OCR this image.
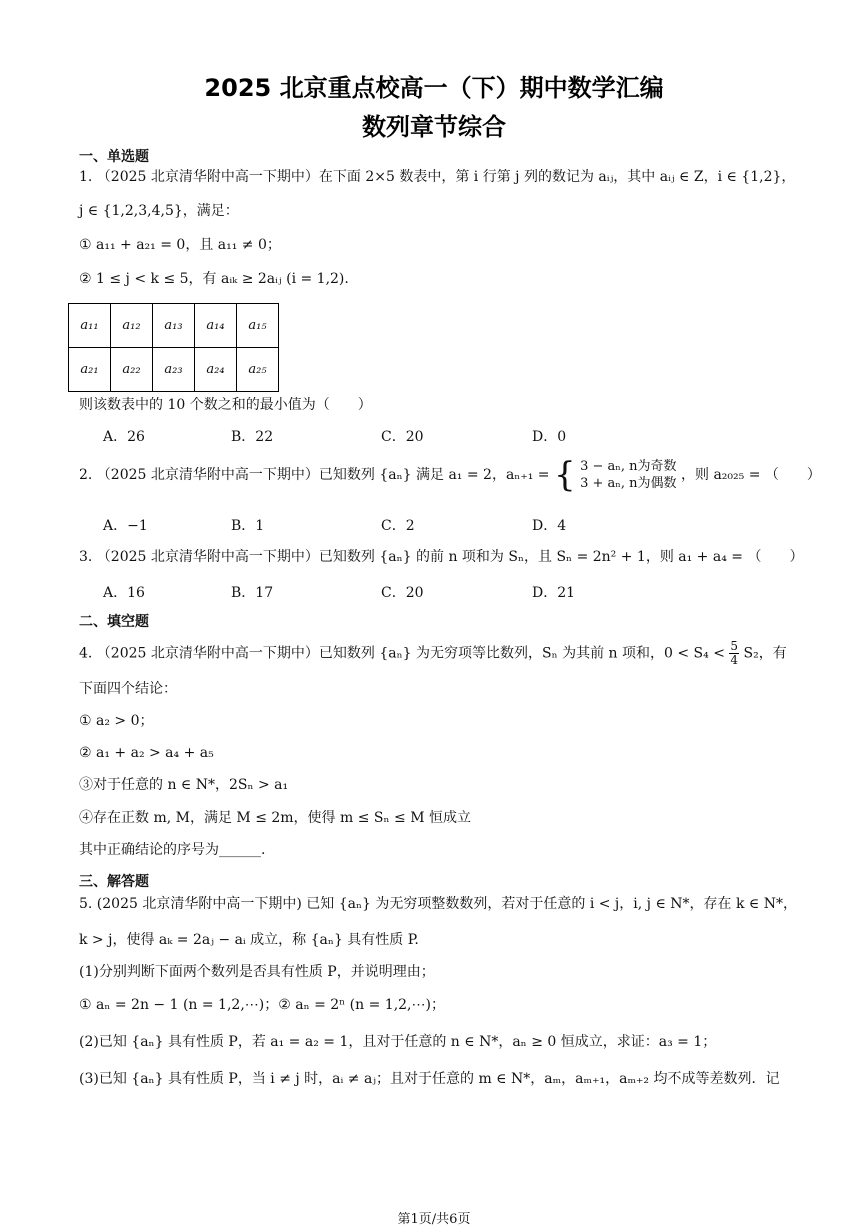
2025 北京重点校高一（下）期中数学汇编
数列章节综合
一、单选题
1. （2025 北京清华附中高一下期中）在下面 2×5 数表中，第 i 行第 j 列的数记为 aᵢⱼ，其中 aᵢⱼ ∈ Z，i ∈ {1,2}，
j ∈ {1,2,3,4,5}，满足：
① a₁₁ + a₂₁ = 0，且 a₁₁ ≠ 0；
② 1 ≤ j < k ≤ 5，有 aᵢₖ ≥ 2aᵢⱼ (i = 1,2).
a₁₁	a₁₂	a₁₃	a₁₄	a₁₅
a₂₁	a₂₂	a₂₃	a₂₄	a₂₅
则该数表中的 10 个数之和的最小值为（　　）
A．26	B．22	C．20	D．0
2. （2025 北京清华附中高一下期中）已知数列 {aₙ} 满足 a₁ = 2，aₙ₊₁ = { 3 − aₙ, n为奇数
3 + aₙ, n为偶数
，则 a₂₀₂₅ = （　　）
A．−1	B．1	C．2	D．4
3. （2025 北京清华附中高一下期中）已知数列 {aₙ} 的前 n 项和为 Sₙ，且 Sₙ = 2n² + 1，则 a₁ + a₄ = （　　）
A．16	B．17	C．20	D．21
二、填空题
4. （2025 北京清华附中高一下期中）已知数列 {aₙ} 为无穷项等比数列，Sₙ 为其前 n 项和，$0 < S_4 < \frac{5}{4} S_2$，有
下面四个结论：
① a₂ > 0；
② a₁ + a₂ > a₄ + a₅
③对于任意的 n ∈ N*，2Sₙ > a₁
④存在正数 m, M，满足 M ≤ 2m，使得 m ≤ Sₙ ≤ M 恒成立
其中正确结论的序号为______.
三、解答题
5. (2025 北京清华附中高一下期中) 已知 {aₙ} 为无穷项整数数列，若对于任意的 i < j，i, j ∈ N*，存在 k ∈ N*，
k > j，使得 aₖ = 2aⱼ − aᵢ 成立，称 {aₙ} 具有性质 P.
(1)分别判断下面两个数列是否具有性质 P，并说明理由；
① aₙ = 2n − 1 (n = 1,2,⋯)；② aₙ = 2ⁿ (n = 1,2,⋯)；
(2)已知 {aₙ} 具有性质 P，若 a₁ = a₂ = 1，且对于任意的 n ∈ N*，aₙ ≥ 0 恒成立，求证：a₃ = 1；
(3)已知 {aₙ} 具有性质 P，当 i ≠ j 时，aᵢ ≠ aⱼ；且对于任意的 m ∈ N*，aₘ，aₘ₊₁，aₘ₊₂ 均不成等差数列．记
第1页/共6页
